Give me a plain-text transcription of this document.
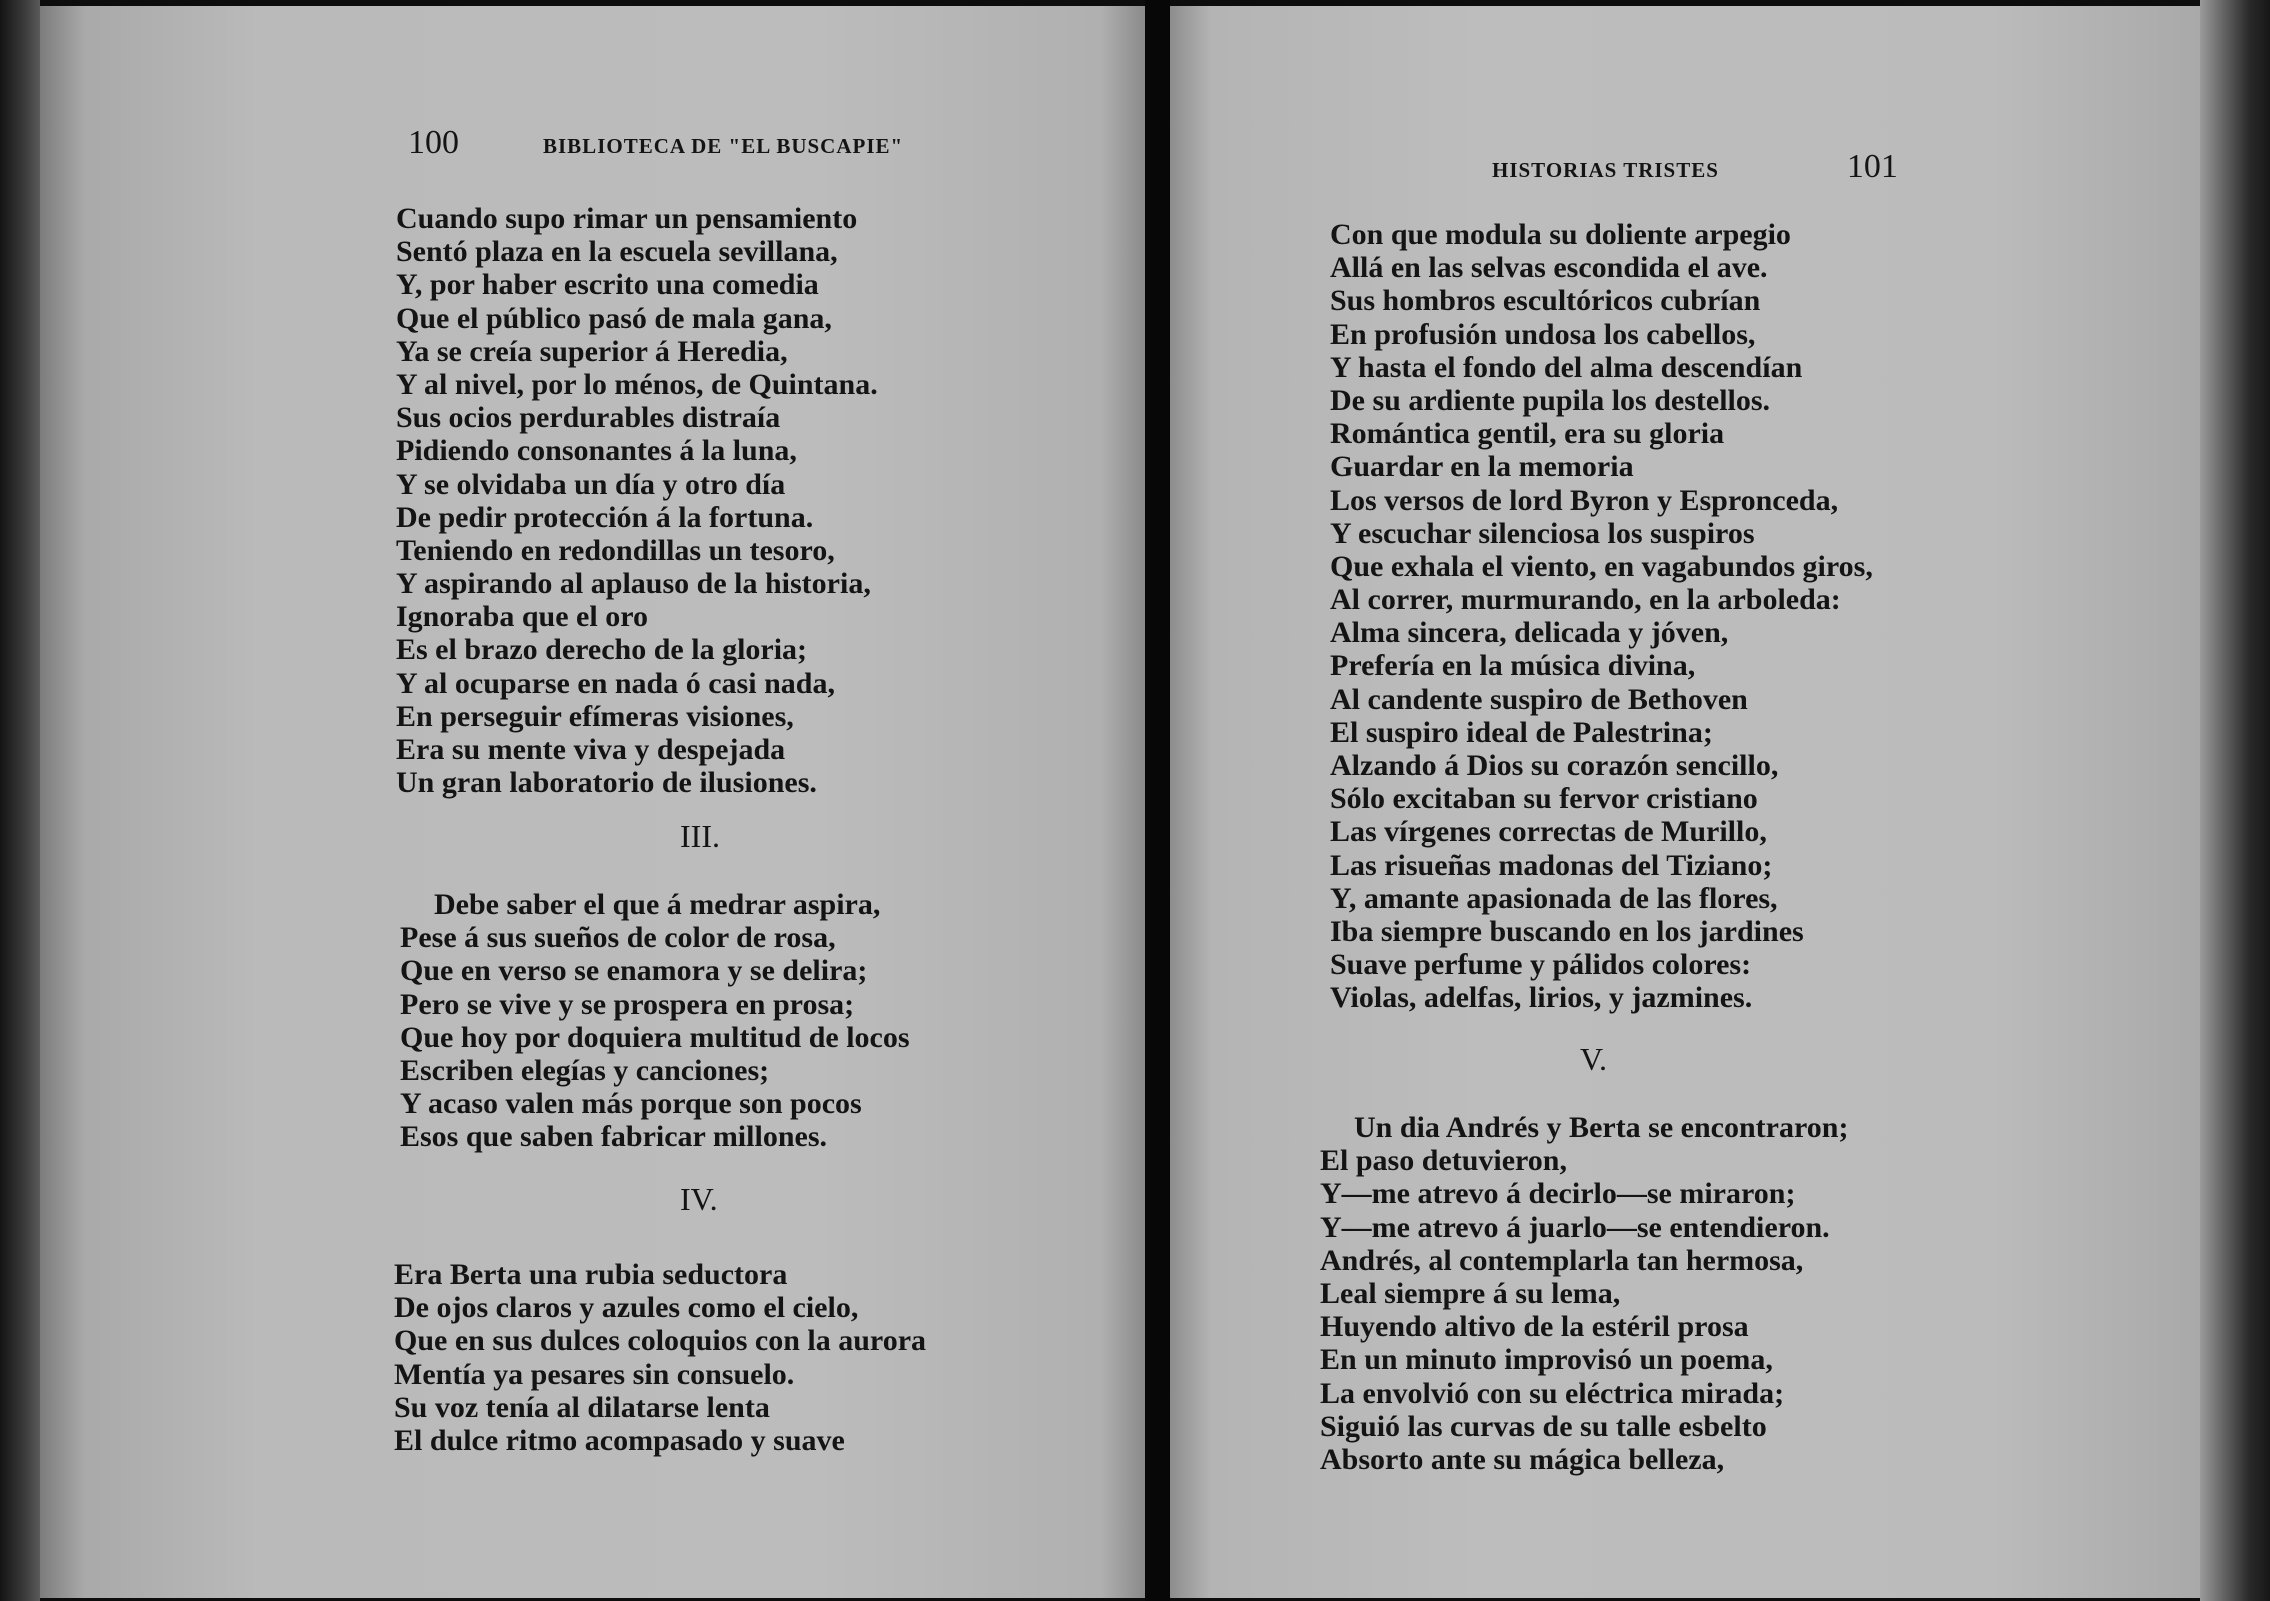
100	BIBLIOTECA DE "EL BUSCAPIE"
Cuando supo rimar un pensamiento
Sentó plaza en la escuela sevillana,
Y, por haber escrito una comedia
Que el público pasó de mala gana,
Ya se creía superior á Heredia,
Y al nivel, por lo ménos, de Quintana.
Sus ocios perdurables distraía
Pidiendo consonantes á la luna,
Y se olvidaba un día y otro día
De pedir protección á la fortuna.
Teniendo en redondillas un tesoro,
Y aspirando al aplauso de la historia,
Ignoraba que el oro
Es el brazo derecho de la gloria;
Y al ocuparse en nada ó casi nada,
En perseguir efímeras visiones,
Era su mente viva y despejada
Un gran laboratorio de ilusiones.
III.
Debe saber el que á medrar aspira,
Pese á sus sueños de color de rosa,
Que en verso se enamora y se delira;
Pero se vive y se prospera en prosa;
Que hoy por doquiera multitud de locos
Escriben elegías y canciones;
Y acaso valen más porque son pocos
Esos que saben fabricar millones.
IV.
Era Berta una rubia seductora
De ojos claros y azules como el cielo,
Que en sus dulces coloquios con la aurora
Mentía ya pesares sin consuelo.
Su voz tenía al dilatarse lenta
El dulce ritmo acompasado y suave
HISTORIAS TRISTES	101
Con que modula su doliente arpegio
Allá en las selvas escondida el ave.
Sus hombros escultóricos cubrían
En profusión undosa los cabellos,
Y hasta el fondo del alma descendían
De su ardiente pupila los destellos.
Romántica gentil, era su gloria
Guardar en la memoria
Los versos de lord Byron y Espronceda,
Y escuchar silenciosa los suspiros
Que exhala el viento, en vagabundos giros,
Al correr, murmurando, en la arboleda:
Alma sincera, delicada y jóven,
Prefería en la música divina,
Al candente suspiro de Bethoven
El suspiro ideal de Palestrina;
Alzando á Dios su corazón sencillo,
Sólo excitaban su fervor cristiano
Las vírgenes correctas de Murillo,
Las risueñas madonas del Tiziano;
Y, amante apasionada de las flores,
Iba siempre buscando en los jardines
Suave perfume y pálidos colores:
Violas, adelfas, lirios, y jazmines.
V.
Un dia Andrés y Berta se encontraron;
El paso detuvieron,
Y—me atrevo á decirlo—se miraron;
Y—me atrevo á juarlo—se entendieron.
Andrés, al contemplarla tan hermosa,
Leal siempre á su lema,
Huyendo altivo de la estéril prosa
En un minuto improvisó un poema,
La envolvió con su eléctrica mirada;
Siguió las curvas de su talle esbelto
Absorto ante su mágica belleza,
